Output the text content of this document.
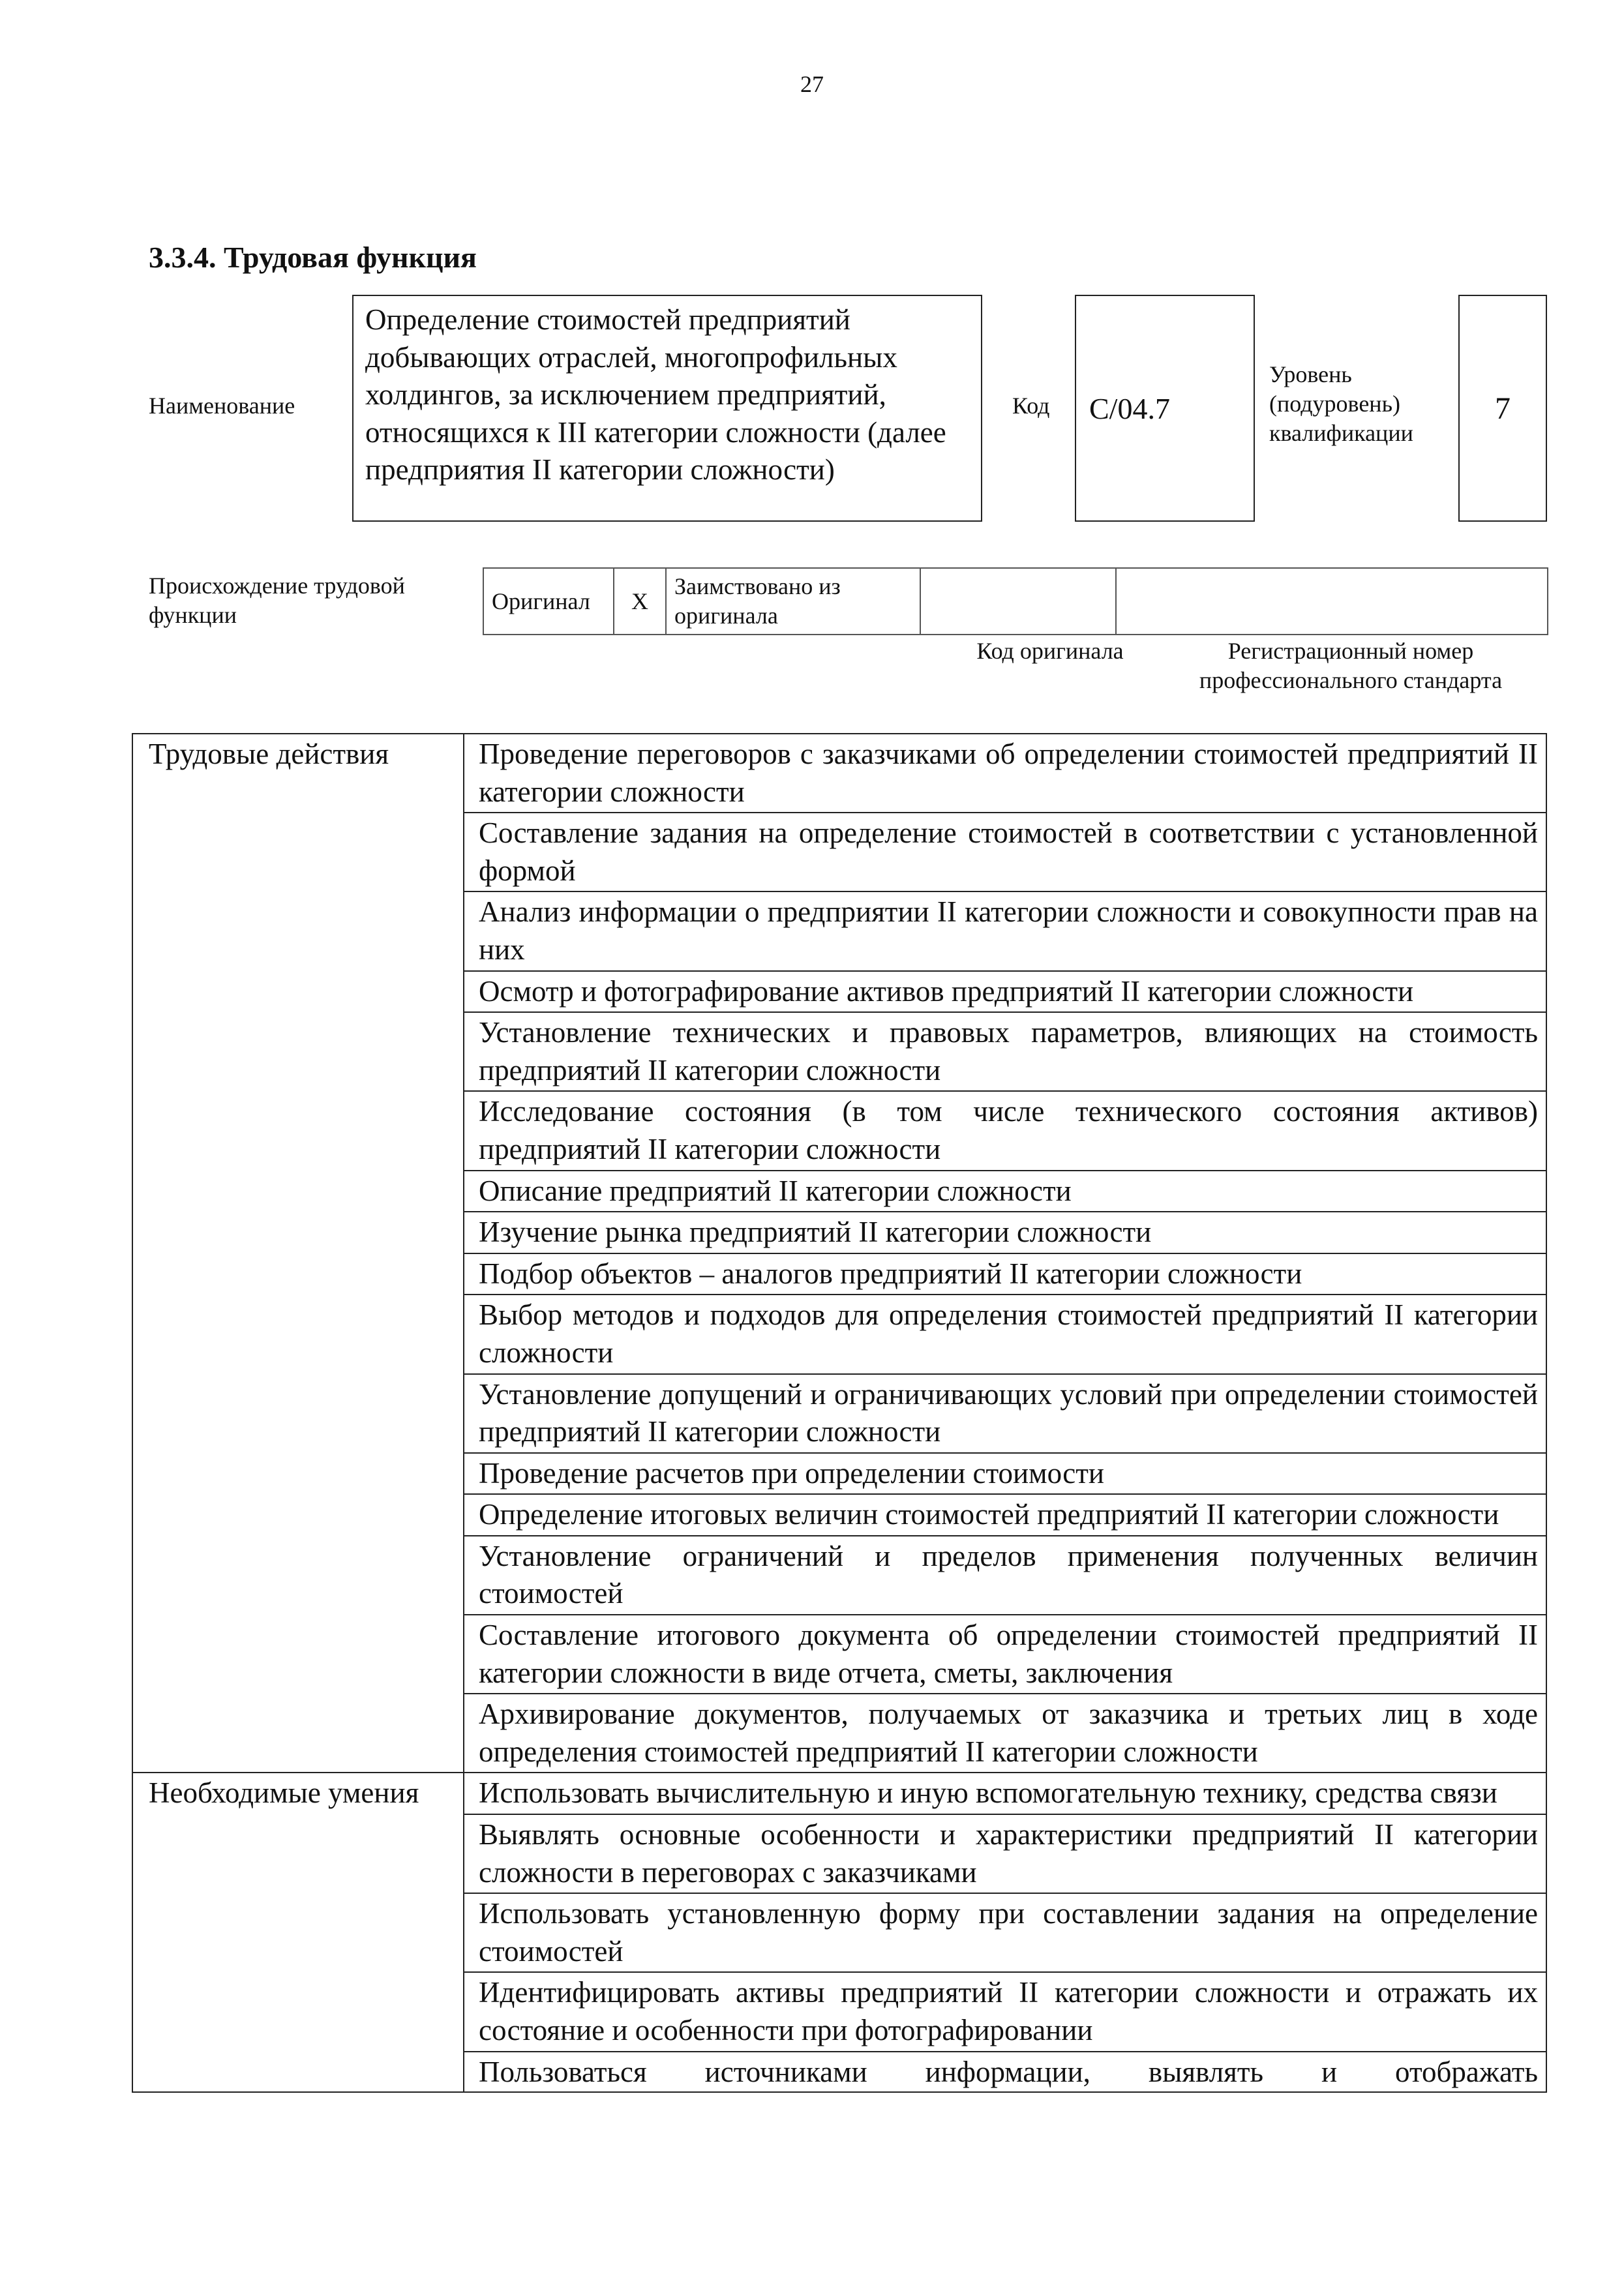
27
3.3.4. Трудовая функция
Наименование
Определение стоимостей предприятий добывающих отраслей, многопрофильных холдингов, за исключением предприятий, относящихся к III категории сложности (далее предприятия II категории сложности)
Код	C/04.7
Уровень (подуровень) квалификации
7
Происхождение трудовой функции
Оригинал	X	Заимствовано из оригинала		
Код оригинала	Регистрационный номер профессионального стандарта
Трудовые действия	Проведение переговоров с заказчиками об определении стоимостей предприятий II категории сложности
	Составление задания на определение стоимостей в соответствии с установленной формой
	Анализ информации о предприятии II категории сложности и совокупности прав на них
	Осмотр и фотографирование активов предприятий II категории сложности
	Установление технических и правовых параметров, влияющих на стоимость предприятий II категории сложности
	Исследование состояния (в том числе технического состояния активов) предприятий II категории сложности
	Описание предприятий II категории сложности
	Изучение рынка предприятий II категории сложности
	Подбор объектов – аналогов предприятий II категории сложности
	Выбор методов и подходов для определения стоимостей предприятий II категории сложности
	Установление допущений и ограничивающих условий при определении стоимостей предприятий II категории сложности
	Проведение расчетов при определении стоимости
	Определение итоговых величин стоимостей предприятий II категории сложности
	Установление ограничений и пределов применения полученных величин стоимостей
	Составление итогового документа об определении стоимостей предприятий II категории сложности в виде отчета, сметы, заключения
	Архивирование документов, получаемых от заказчика и третьих лиц в ходе определения стоимостей предприятий II категории сложности
Необходимые умения	Использовать вычислительную и иную вспомогательную технику, средства связи
	Выявлять основные особенности и характеристики предприятий II категории сложности в переговорах с заказчиками
	Использовать установленную форму при составлении задания на определение стоимостей
	Идентифицировать активы предприятий II категории сложности и отражать их состояние и особенности при фотографировании

	Пользоваться источниками информации, выявлять и отображать
